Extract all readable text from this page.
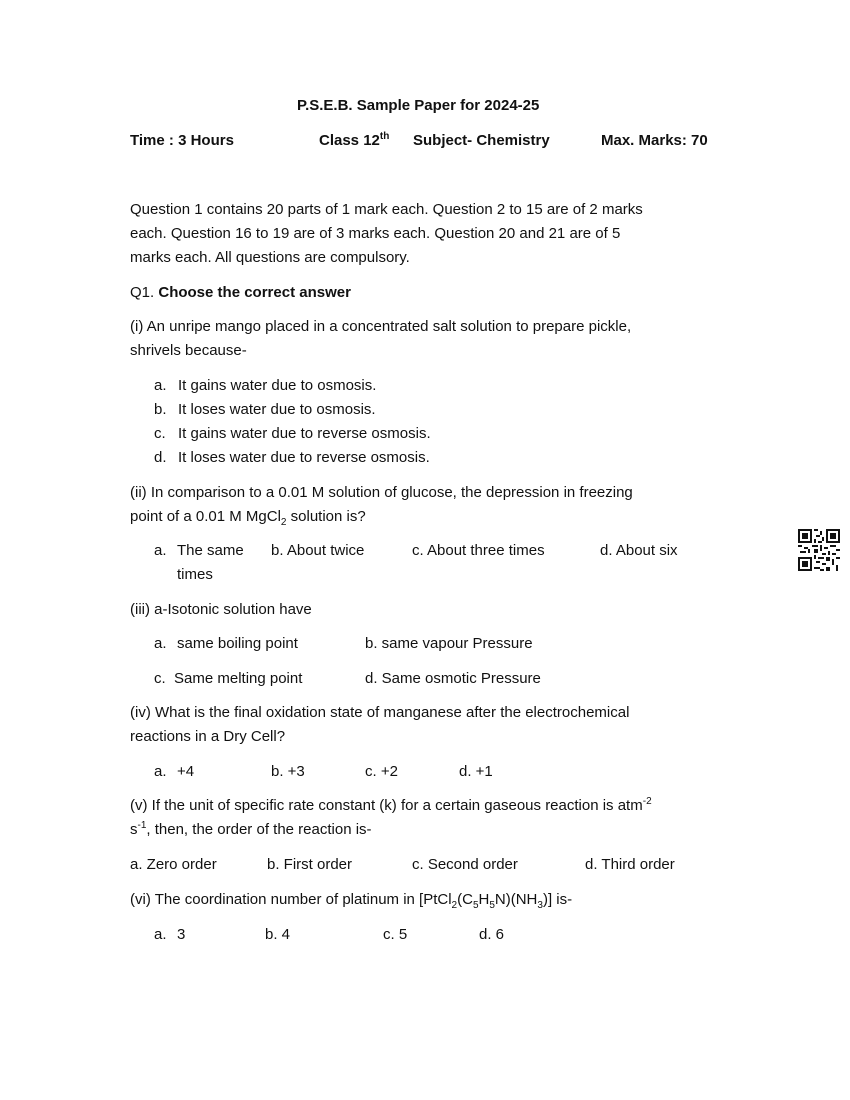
P.S.E.B. Sample Paper for 2024-25
Time : 3 Hours	Class 12th Subject- Chemistry	Max. Marks: 70
Question 1 contains 20 parts of 1 mark each. Question 2 to 15 are of 2 marks
each. Question 16 to 19 are of 3 marks each. Question 20 and 21 are of 5
marks each. All questions are compulsory.
Q1. Choose the correct answer
(i) An unripe mango placed in a concentrated salt solution to prepare pickle,
shrivels because-
a. It gains water due to osmosis.
b. It loses water due to osmosis.
c. It gains water due to reverse osmosis.
d. It loses water due to reverse osmosis.
(ii) In comparison to a 0.01 M solution of glucose, the depression in freezing
point of a 0.01 M MgCl$_2$ solution is?
a. The same b. About twice	c. About three times	d. About six
times
(iii) a-Isotonic solution have
a. same boiling point	b. same vapour Pressure
c. Same melting point	d. Same osmotic Pressure
(iv) What is the final oxidation state of manganese after the electrochemical
reactions in a Dry Cell?
a. +4	b. +3	c. +2	d. +1
(v) If the unit of specific rate constant (k) for a certain gaseous reaction is atm$^{-2}$
$s^{-1}$, then, the order of the reaction is-
a. Zero order	b. First order	c. Second order	d. Third order
(vi) The coordination number of platinum in $[PtCl_2(C_5H_5N)(NH_3)]$ is-
a. 3	b. 4	c. 5	d. 6
